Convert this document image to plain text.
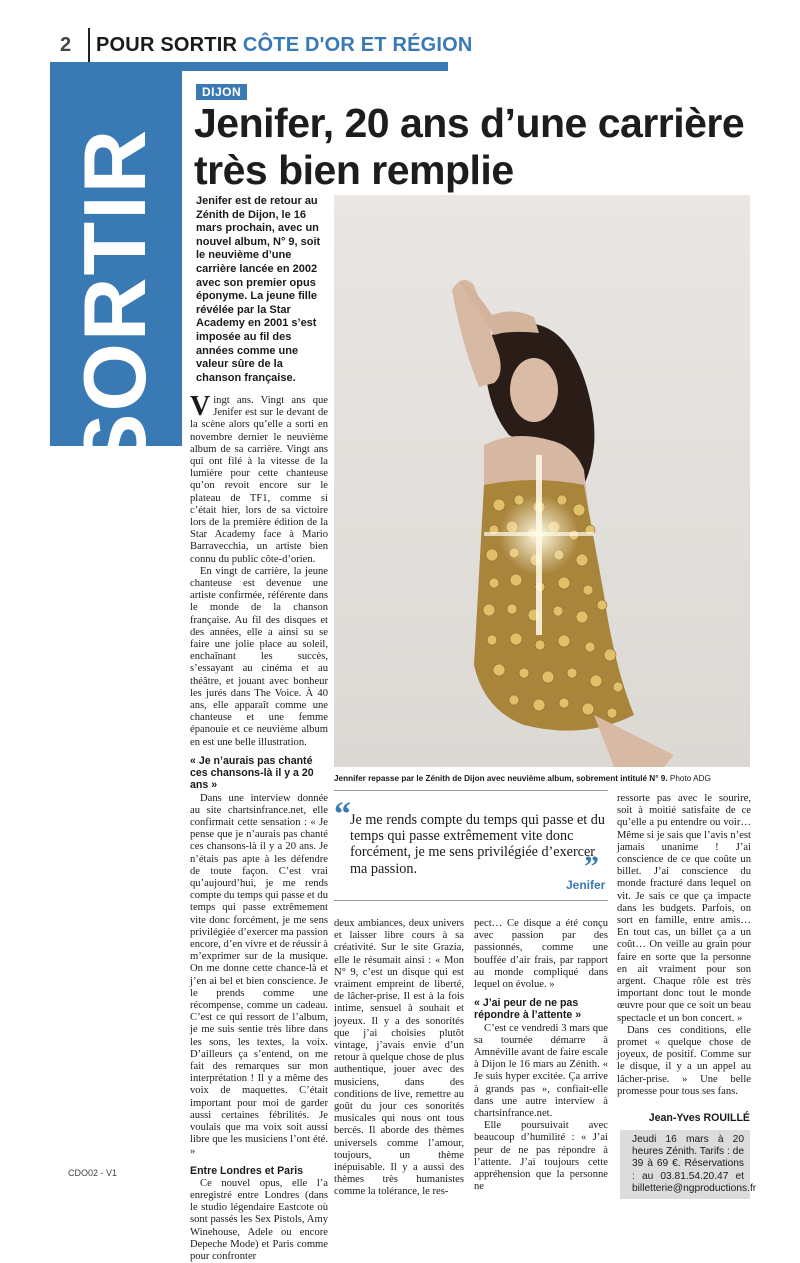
2 POUR SORTIR CÔTE D'OR ET RÉGION
SORTIR
DIJON
Jenifer, 20 ans d’une carrière très bien remplie
Jenifer est de retour au Zénith de Dijon, le 16 mars prochain, avec un nouvel album, N° 9, soit le neuvième d’une carrière lancée en 2002 avec son premier opus éponyme. La jeune fille révélée par la Star Academy en 2001 s’est imposée au fil des années comme une valeur sûre de la chanson française.
Jennifer repasse par le Zénith de Dijon avec neuvième album, sobrement intitulé N° 9. Photo ADG

Vingt ans. Vingt ans que Jenifer est sur le devant de la scène alors qu’elle a sorti en novembre dernier le neuvième album de sa carrière. Vingt ans qui ont filé à la vitesse de la lumière pour cette chanteuse qu’on revoit encore sur le plateau de TF1, comme si c’était hier, lors de sa victoire lors de la première édition de la Star Academy face à Mario Barravecchia, un artiste bien connu du public côte-d’orien.

En vingt de carrière, la jeune chanteuse est devenue une artiste confirmée, référente dans le monde de la chanson française. Au fil des disques et des années, elle a ainsi su se faire une jolie place au soleil, enchaînant les succès, s’essayant au cinéma et au théâtre, et jouant avec bonheur les jurés dans The Voice. À 40 ans, elle apparaît comme une chanteuse et une femme épanouie et ce neuvième album en est une belle illustration.

« Je n’aurais pas chanté ces chansons-là il y a 20 ans »

Dans une interview donnée au site chartsinfrance.net, elle confirmait cette sensation : « Je pense que je n’aurais pas chanté ces chansons-là il y a 20 ans. Je n’étais pas apte à les défendre de toute façon. C’est vrai qu’aujourd’hui, je me rends compte du temps qui passe et du temps qui passe extrêmement vite donc forcément, je me sens privilégiée d’exercer ma passion encore, d’en vivre et de réussir à m’exprimer sur de la musique. On me donne cette chance-là et j’en ai bel et bien conscience. Je le prends comme une récompense, comme un cadeau. C’est ce qui ressort de l’album, je me suis sentie très libre dans les sons, les textes, la voix. D’ailleurs ça s’entend, on me fait des remarques sur mon interprétation ! Il y a même des voix de maquettes. C’était important pour moi de garder aussi certaines fébrilités. Je voulais que ma voix soit aussi libre que les musiciens l’ont été. »

Entre Londres et Paris

Ce nouvel opus, elle l’a enregistré entre Londres (dans le studio légendaire Eastcote où sont passés les Sex Pistols, Amy Winehouse, Adele ou encore Depeche Mode) et Paris comme pour confronter

“ Je me rends compte du temps qui passe et du temps qui passe extrêmement vite donc forcément, je me sens privilégiée d’exercer ma passion.	”
Jenifer

deux ambiances, deux univers et laisser libre cours à sa créativité. Sur le site Grazia, elle le résumait ainsi : « Mon N° 9, c’est un disque qui est vraiment empreint de liberté, de lâcher-prise. Il est à la fois intime, sensuel à souhait et joyeux. Il y a des sonorités que j’ai choisies plutôt vintage, j’avais envie d’un retour à quelque chose de plus authentique, jouer avec des musiciens, dans des conditions de live, remettre au goût du jour ces sonorités musicales qui nous ont tous bercés. Il aborde des thèmes universels comme l’amour, toujours, un thème inépuisable. Il y a aussi des thèmes très humanistes comme la tolérance, le res-

pect… Ce disque a été conçu avec passion par des passionnés, comme une bouffée d’air frais, par rapport au monde compliqué dans lequel on évolue. »

« J’ai peur de ne pas répondre à l’attente »

C’est ce vendredi 3 mars que sa tournée démarre à Amnéville avant de faire escale à Dijon le 16 mars au Zénith. « Je suis hyper excitée. Ça arrive à grands pas », confiait-elle dans une autre interview à chartsinfrance.net.

Elle poursuivait avec beaucoup d’humilité : « J’ai peur de ne pas répondre à l’attente. J’ai toujours cette appréhension que la personne ne

ressorte pas avec le sourire, soit à moitié satisfaite de ce qu’elle a pu entendre ou voir… Même si je sais que l’avis n’est jamais unanime ! J’ai conscience de ce que coûte un billet. J’ai conscience du monde fracturé dans lequel on vit. Je sais ce que ça impacte dans les budgets. Parfois, on sort en famille, entre amis… En tout cas, un billet ça a un coût… On veille au grain pour faire en sorte que la personne en ait vraiment pour son argent. Chaque rôle est très important donc tout le monde œuvre pour que ce soit un beau spectacle et un bon concert. »

Dans ces conditions, elle promet « quelque chose de joyeux, de positif. Comme sur le disque, il y a un appel au lâcher-prise. » Une belle promesse pour tous ses fans.

Jean-Yves ROUILLÉ
Jeudi 16 mars à 20 heures Zénith. Tarifs : de 39 à 69 €. Réservations : au 03.81.54.20.47 et billetterie@ngproductions.fr
CDO02 - V1
